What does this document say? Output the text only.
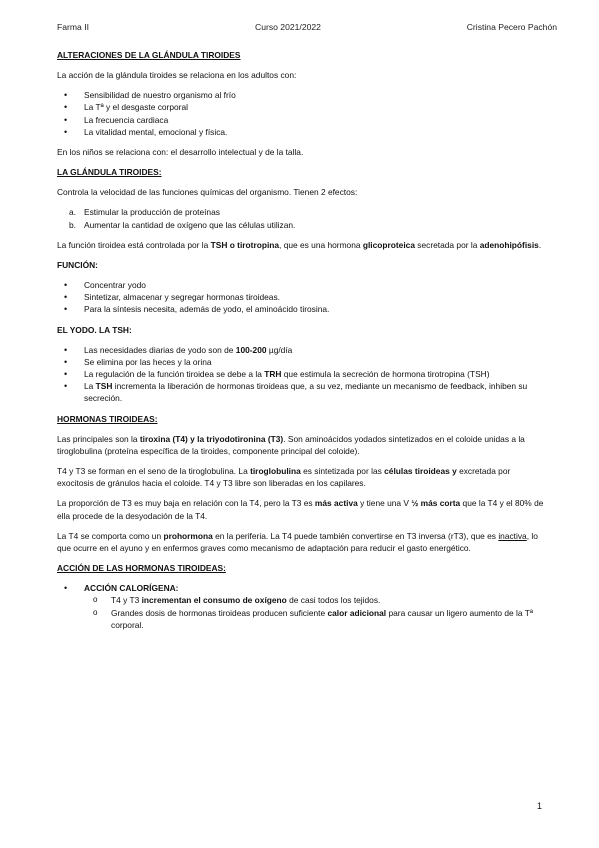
Farma II	Curso 2021/2022	Cristina Pecero Pachón
ALTERACIONES DE LA GLÁNDULA TIROIDES

La acción de la glándula tiroides se relaciona en los adultos con:

• Sensibilidad de nuestro organismo al frío
• La Tª y el desgaste corporal
• La frecuencia cardiaca
• La vitalidad mental, emocional y física.

En los niños se relaciona con: el desarrollo intelectual y de la talla.

LA GLÁNDULA TIROIDES:

Controla la velocidad de las funciones químicas del organismo. Tienen 2 efectos:

a. Estimular la producción de proteínas
b. Aumentar la cantidad de oxígeno que las células utilizan.

La función tiroidea está controlada por la TSH o tirotropina, que es una hormona glicoproteica secretada por la adenohipófisis.

FUNCIÓN:
• Concentrar yodo
• Sintetizar, almacenar y segregar hormonas tiroideas.
• Para la síntesis necesita, además de yodo, el aminoácido tirosina.
EL YODO. LA TSH:
• Las necesidades diarias de yodo son de 100-200 µg/día
• Se elimina por las heces y la orina
• La regulación de la función tiroidea se debe a la TRH que estimula la secreción de hormona tirotropina (TSH)
• La TSH incrementa la liberación de hormonas tiroideas que, a su vez, mediante un mecanismo de feedback, inhiben su secreción.
HORMONAS TIROIDEAS:

Las principales son la tiroxina (T4) y la triyodotironina (T3). Son aminoácidos yodados sintetizados en el coloide unidas a la tiroglobulina (proteína específica de la tiroides, componente principal del coloide).

T4 y T3 se forman en el seno de la tiroglobulina. La tiroglobulina es sintetizada por las células tiroideas y excretada por exocitosis de gránulos hacia el coloide. T4 y T3 libre son liberadas en los capilares.

La proporción de T3 es muy baja en relación con la T4, pero la T3 es más activa y tiene una V ½ más corta que la T4 y el 80% de ella procede de la desyodación de la T4.

La T4 se comporta como un prohormona en la periferia. La T4 puede también convertirse en T3 inversa (rT3), que es inactiva, lo que ocurre en el ayuno y en enfermos graves como mecanismo de adaptación para reducir el gasto energético.

ACCIÓN DE LAS HORMONAS TIROIDEAS:
• ACCIÓN CALORÍGENA:
o T4 y T3 incrementan el consumo de oxígeno de casi todos los tejidos.
o Grandes dosis de hormonas tiroideas producen suficiente calor adicional para causar un ligero aumento de la Tª corporal.
1
